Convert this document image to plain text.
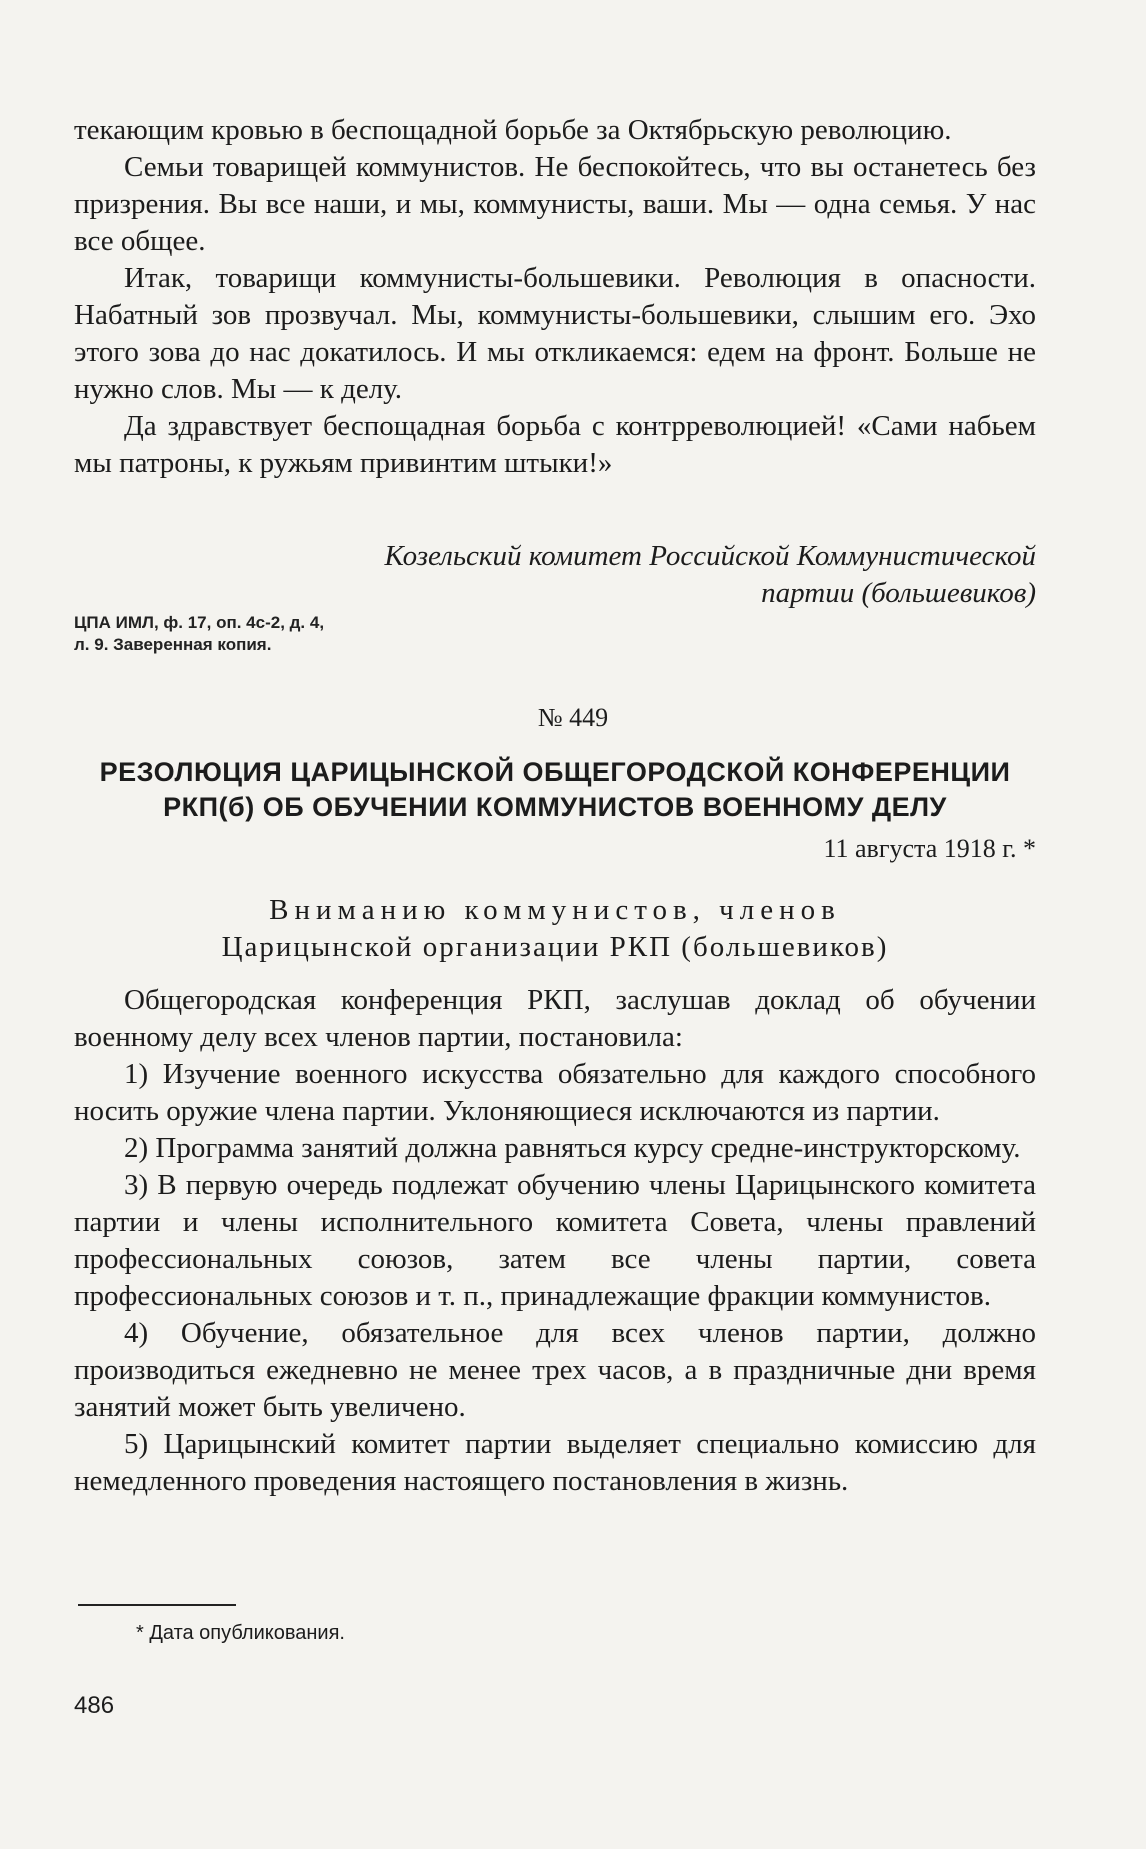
текающим кровью в беспощадной борьбе за Октябрьскую революцию.

Семьи товарищей коммунистов. Не беспокойтесь, что вы останетесь без призрения. Вы все наши, и мы, коммунисты, ваши. Мы — одна семья. У нас все общее.

Итак, товарищи коммунисты-большевики. Революция в опасности. Набатный зов прозвучал. Мы, коммунисты-большевики, слышим его. Эхо этого зова до нас докатилось. И мы откликаемся: едем на фронт. Больше не нужно слов. Мы — к делу.

Да здравствует беспощадная борьба с контрреволюцией! «Сами набьем мы патроны, к ружьям привинтим штыки!»

Козельский комитет Российской Коммунистической
партии (большевиков)
ЦПА ИМЛ, ф. 17, оп. 4с-2, д. 4,
л. 9. Заверенная копия.
№ 449
РЕЗОЛЮЦИЯ ЦАРИЦЫНСКОЙ ОБЩЕГОРОДСКОЙ КОНФЕРЕНЦИИ
РКП(б) ОБ ОБУЧЕНИИ КОММУНИСТОВ ВОЕННОМУ ДЕЛУ
11 августа 1918 г. *
Вниманию коммунистов, членов
Царицынской организации РКП (большевиков)

Общегородская конференция РКП, заслушав доклад об обучении военному делу всех членов партии, постановила:

1) Изучение военного искусства обязательно для каждого способного носить оружие члена партии. Уклоняющиеся исключаются из партии.

2) Программа занятий должна равняться курсу средне-инструкторскому.

3) В первую очередь подлежат обучению члены Царицынского комитета партии и члены исполнительного комитета Совета, члены правлений профессиональных союзов, затем все члены партии, совета профессиональных союзов и т. п., принадлежащие фракции коммунистов.

4) Обучение, обязательное для всех членов партии, должно производиться ежедневно не менее трех часов, а в праздничные дни время занятий может быть увеличено.

5) Царицынский комитет партии выделяет специально комиссию для немедленного проведения настоящего постановления в жизнь.

* Дата опубликования.
486
